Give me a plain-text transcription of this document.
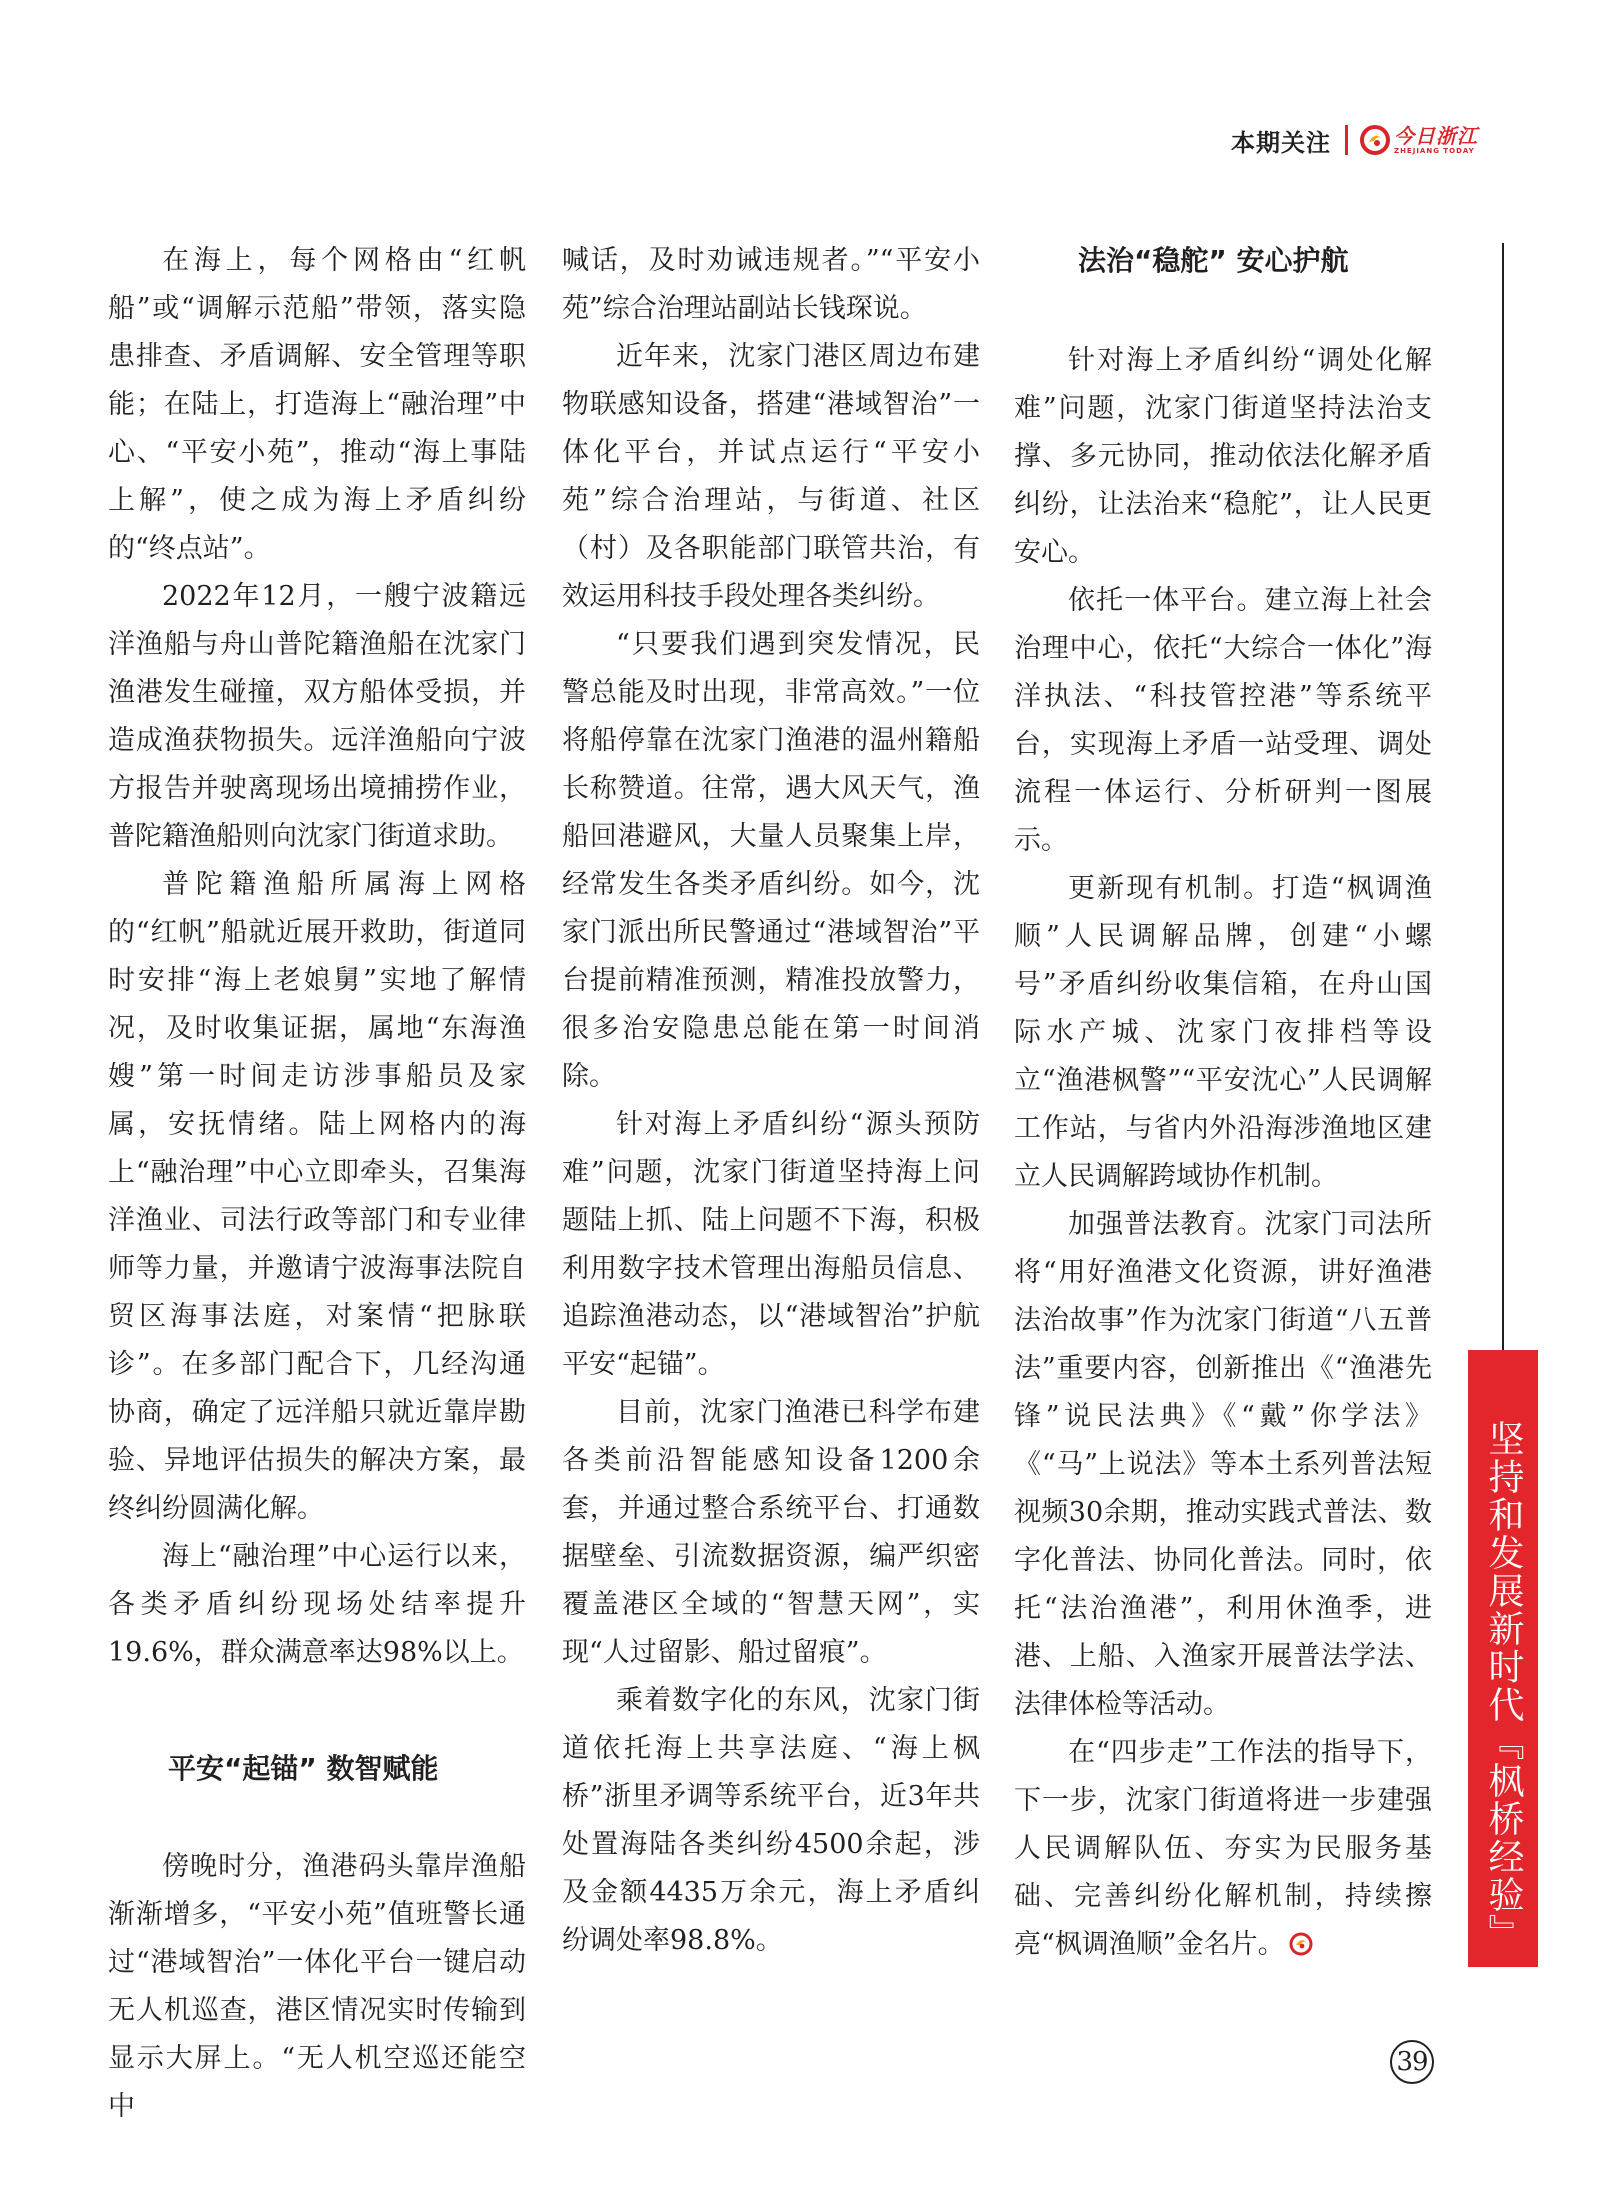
本期关注	今日浙江
ZHEJIANG TODAY

在海上，每个网格由“红帆船”或“调解示范船”带领，落实隐患排查、矛盾调解、安全管理等职能；在陆上，打造海上“融治理”中心、“平安小苑”，推动“海上事陆上解”，使之成为海上矛盾纠纷的“终点站”。

2022年12月，一艘宁波籍远洋渔船与舟山普陀籍渔船在沈家门渔港发生碰撞，双方船体受损，并造成渔获物损失。远洋渔船向宁波方报告并驶离现场出境捕捞作业，普陀籍渔船则向沈家门街道求助。

普陀籍渔船所属海上网格的“红帆”船就近展开救助，街道同时安排“海上老娘舅”实地了解情况，及时收集证据，属地“东海渔嫂”第一时间走访涉事船员及家属，安抚情绪。陆上网格内的海上“融治理”中心立即牵头，召集海洋渔业、司法行政等部门和专业律师等力量，并邀请宁波海事法院自贸区海事法庭，对案情“把脉联诊”。在多部门配合下，几经沟通协商，确定了远洋船只就近靠岸勘验、异地评估损失的解决方案，最终纠纷圆满化解。

海上“融治理”中心运行以来，各类矛盾纠纷现场处结率提升19.6%，群众满意率达98%以上。

平安“起锚” 数智赋能

傍晚时分，渔港码头靠岸渔船渐渐增多，“平安小苑”值班警长通过“港域智治”一体化平台一键启动无人机巡查，港区情况实时传输到显示大屏上。“无人机空巡还能空中

喊话，及时劝诫违规者。”“平安小苑”综合治理站副站长钱琛说。

近年来，沈家门港区周边布建物联感知设备，搭建“港域智治”一体化平台，并试点运行“平安小苑”综合治理站，与街道、社区（村）及各职能部门联管共治，有效运用科技手段处理各类纠纷。

“只要我们遇到突发情况，民警总能及时出现，非常高效。”一位将船停靠在沈家门渔港的温州籍船长称赞道。往常，遇大风天气，渔船回港避风，大量人员聚集上岸，经常发生各类矛盾纠纷。如今，沈家门派出所民警通过“港域智治”平台提前精准预测，精准投放警力，很多治安隐患总能在第一时间消除。

针对海上矛盾纠纷“源头预防难”问题，沈家门街道坚持海上问题陆上抓、陆上问题不下海，积极利用数字技术管理出海船员信息、追踪渔港动态，以“港域智治”护航平安“起锚”。

目前，沈家门渔港已科学布建各类前沿智能感知设备1200余套，并通过整合系统平台、打通数据壁垒、引流数据资源，编严织密覆盖港区全域的“智慧天网”，实现“人过留影、船过留痕”。

乘着数字化的东风，沈家门街道依托海上共享法庭、“海上枫桥”浙里矛调等系统平台，近3年共处置海陆各类纠纷4500余起，涉及金额4435万余元，海上矛盾纠纷调处率98.8%。

法治“稳舵” 安心护航

针对海上矛盾纠纷“调处化解难”问题，沈家门街道坚持法治支撑、多元协同，推动依法化解矛盾纠纷，让法治来“稳舵”，让人民更安心。

依托一体平台。建立海上社会治理中心，依托“大综合一体化”海洋执法、“科技管控港”等系统平台，实现海上矛盾一站受理、调处流程一体运行、分析研判一图展示。

更新现有机制。打造“枫调渔顺”人民调解品牌，创建“小螺号”矛盾纠纷收集信箱，在舟山国际水产城、沈家门夜排档等设立“渔港枫警”“平安沈心”人民调解工作站，与省内外沿海涉渔地区建立人民调解跨域协作机制。

加强普法教育。沈家门司法所将“用好渔港文化资源，讲好渔港法治故事”作为沈家门街道“八五普法”重要内容，创新推出《“渔港先锋”说民法典》《“戴”你学法》《“马”上说法》等本土系列普法短视频30余期，推动实践式普法、数字化普法、协同化普法。同时，依托“法治渔港”，利用休渔季，进港、上船、入渔家开展普法学法、法律体检等活动。

在“四步走”工作法的指导下，下一步，沈家门街道将进一步建强人民调解队伍、夯实为民服务基础、完善纠纷化解机制，持续擦亮“枫调渔顺”金名片。	坚持和发展新时代『枫桥经验』
39
